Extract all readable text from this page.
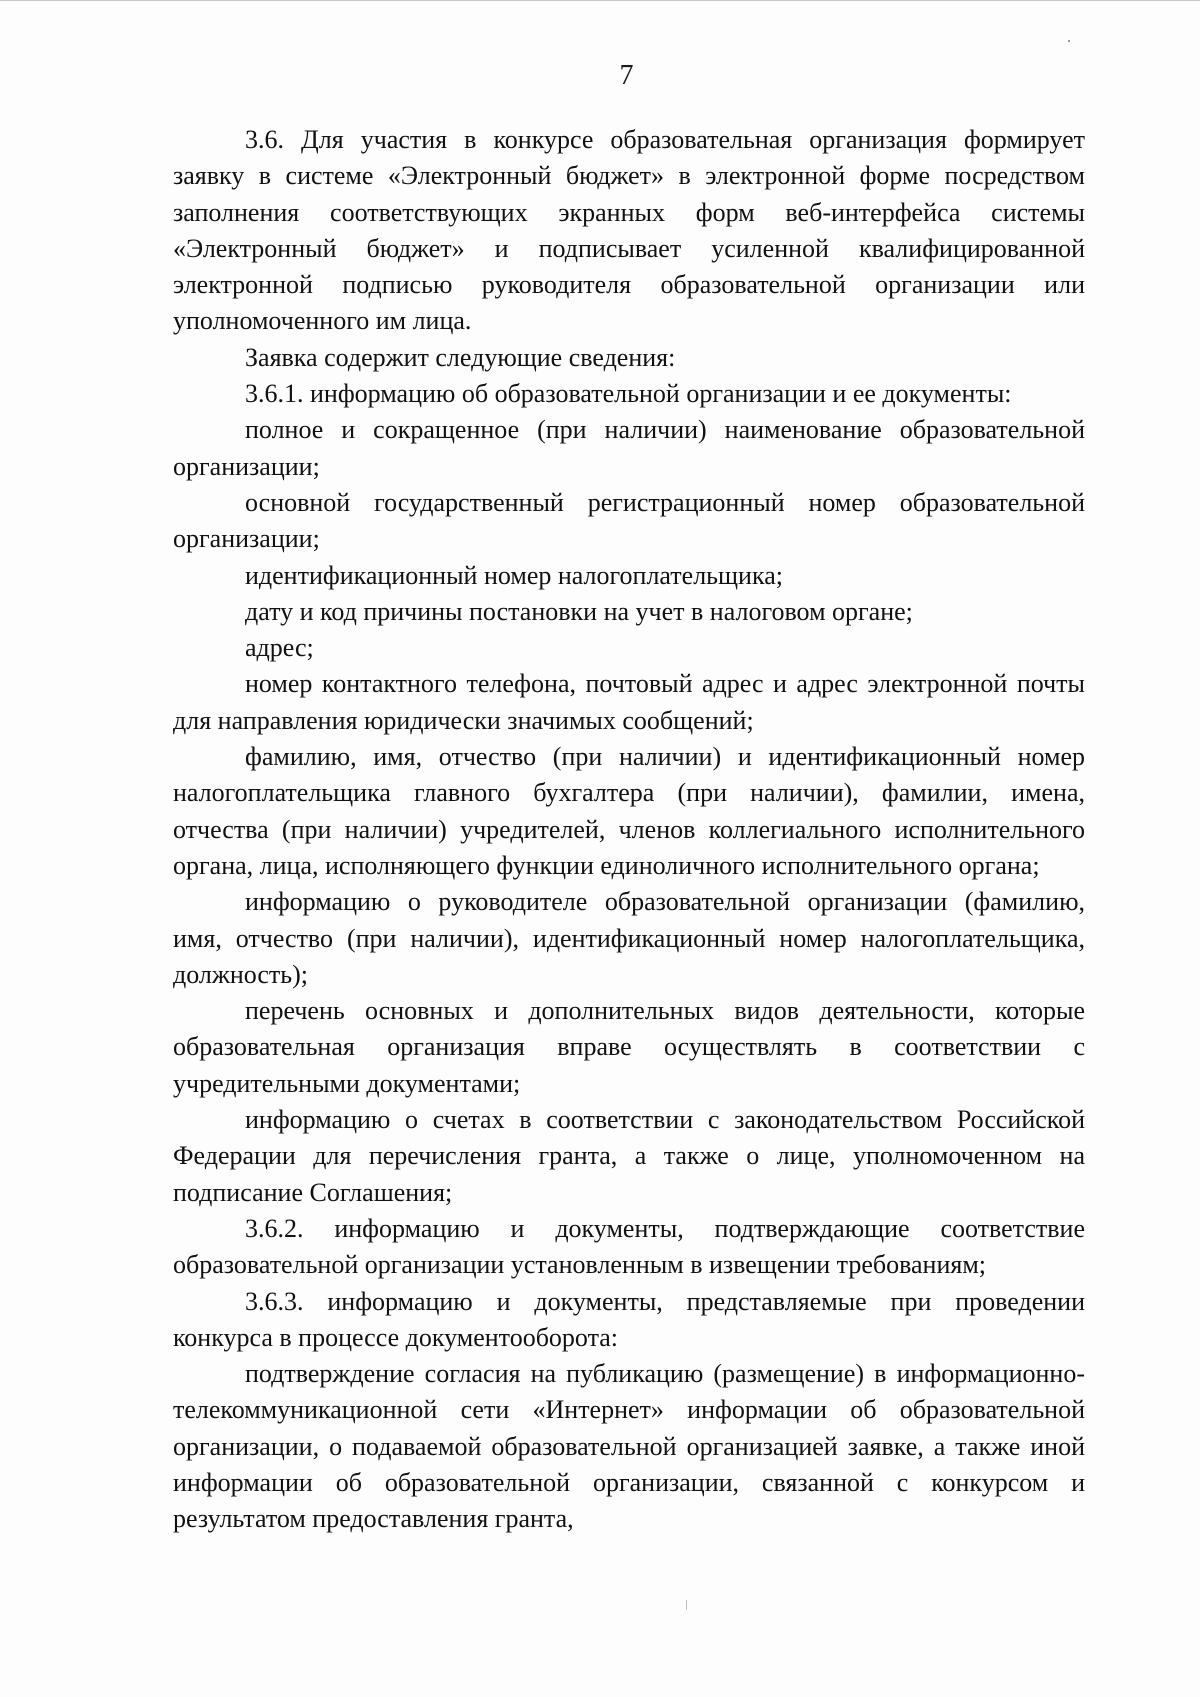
7

3.6. Для участия в конкурсе образовательная организация формирует заявку в системе «Электронный бюджет» в электронной форме посредством заполнения соответствующих экранных форм веб-интерфейса системы «Электронный бюджет» и подписывает усиленной квалифицированной электронной подписью руководителя образовательной организации или уполномоченного им лица.

Заявка содержит следующие сведения:

3.6.1. информацию об образовательной организации и ее документы:

полное и сокращенное (при наличии) наименование образовательной организации;

основной государственный регистрационный номер образовательной организации;

идентификационный номер налогоплательщика;

дату и код причины постановки на учет в налоговом органе;

адрес;

номер контактного телефона, почтовый адрес и адрес электронной почты для направления юридически значимых сообщений;

фамилию, имя, отчество (при наличии) и идентификационный номер налогоплательщика главного бухгалтера (при наличии), фамилии, имена, отчества (при наличии) учредителей, членов коллегиального исполнительного органа, лица, исполняющего функции единоличного исполнительного органа;

информацию о руководителе образовательной организации (фамилию, имя, отчество (при наличии), идентификационный номер налогоплательщика, должность);

перечень основных и дополнительных видов деятельности, которые образовательная организация вправе осуществлять в соответствии с учредительными документами;

информацию о счетах в соответствии с законодательством Российской Федерации для перечисления гранта, а также о лице, уполномоченном на подписание Соглашения;

3.6.2. информацию и документы, подтверждающие соответствие образовательной организации установленным в извещении требованиям;

3.6.3. информацию и документы, представляемые при проведении конкурса в процессе документооборота:

подтверждение согласия на публикацию (размещение) в информационно-телекоммуникационной сети «Интернет» информации об образовательной организации, о подаваемой образовательной организацией заявке, а также иной информации об образовательной организации, связанной с конкурсом и результатом предоставления гранта,
